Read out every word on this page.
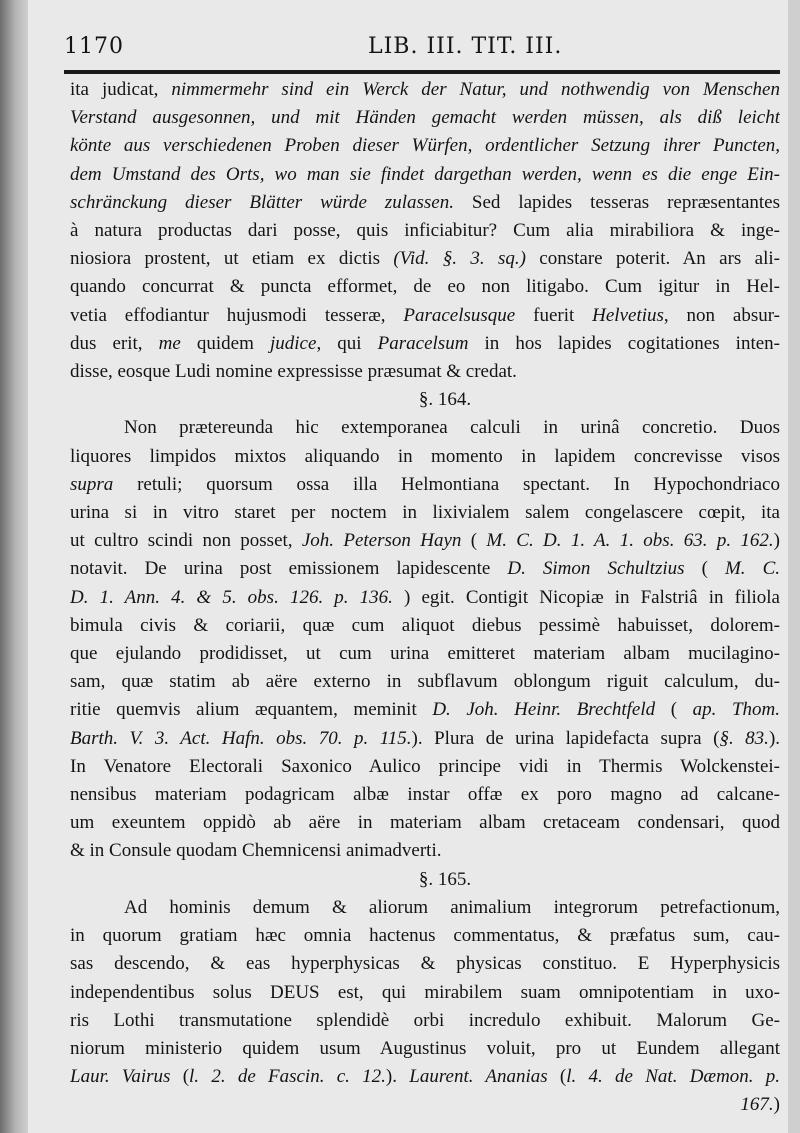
1170	LIB. III. TIT. III.
ita judicat, nimmermehr sind ein Werck der Natur, und nothwendig von Menschen
Verstand ausgesonnen, und mit Händen gemacht werden müssen, als diß leicht
könte aus verschiedenen Proben dieser Würfen, ordentlicher Setzung ihrer Puncten,
dem Umstand des Orts, wo man sie findet dargethan werden, wenn es die enge Ein-
schränckung dieser Blätter würde zulassen. Sed lapides tesseras repræsentantes
à natura productas dari posse, quis inficiabitur? Cum alia mirabiliora & inge-
niosiora prostent, ut etiam ex dictis (Vid. §. 3. sq.) constare poterit. An ars ali-
quando concurrat & puncta efformet, de eo non litigabo. Cum igitur in Hel-
vetia effodiantur hujusmodi tesseræ, Paracelsusque fuerit Helvetius, non absur-
dus erit, me quidem judice, qui Paracelsum in hos lapides cogitationes inten-
disse, eosque Ludi nomine expressisse præsumat & credat.
§. 164.
Non prætereunda hic extemporanea calculi in urinâ concretio. Duos
liquores limpidos mixtos aliquando in momento in lapidem concrevisse visos
supra retuli; quorsum ossa illa Helmontiana spectant. In Hypochondriaco
urina si in vitro staret per noctem in lixivialem salem congelascere cœpit, ita
ut cultro scindi non posset, Joh. Peterson Hayn ( M. C. D. 1. A. 1. obs. 63. p. 162.)
notavit. De urina post emissionem lapidescente D. Simon Schultzius ( M. C.
D. 1. Ann. 4. & 5. obs. 126. p. 136. ) egit. Contigit Nicopiæ in Falstriâ in filiola
bimula civis & coriarii, quæ cum aliquot diebus pessimè habuisset, dolorem-
que ejulando prodidisset, ut cum urina emitteret materiam albam mucilagino-
sam, quæ statim ab aëre externo in subflavum oblongum riguit calculum, du-
ritie quemvis alium æquantem, meminit D. Joh. Heinr. Brechtfeld ( ap. Thom.
Barth. V. 3. Act. Hafn. obs. 70. p. 115.). Plura de urina lapidefacta supra (§. 83.).
In Venatore Electorali Saxonico Aulico principe vidi in Thermis Wolckenstei-
nensibus materiam podagricam albæ instar offæ ex poro magno ad calcane-
um exeuntem oppidò ab aëre in materiam albam cretaceam condensari, quod
& in Consule quodam Chemnicensi animadverti.
§. 165.
Ad hominis demum & aliorum animalium integrorum petrefactionum,
in quorum gratiam hæc omnia hactenus commentatus, & præfatus sum, cau-
sas descendo, & eas hyperphysicas & physicas constituo. E Hyperphysicis
independentibus solus DEUS est, qui mirabilem suam omnipotentiam in uxo-
ris Lothi transmutatione splendidè orbi incredulo exhibuit. Malorum Ge-
niorum ministerio quidem usum Augustinus voluit, pro ut Eundem allegant
Laur. Vairus (l. 2. de Fascin. c. 12.). Laurent. Ananias (l. 4. de Nat. Dæmon. p.
167.)
